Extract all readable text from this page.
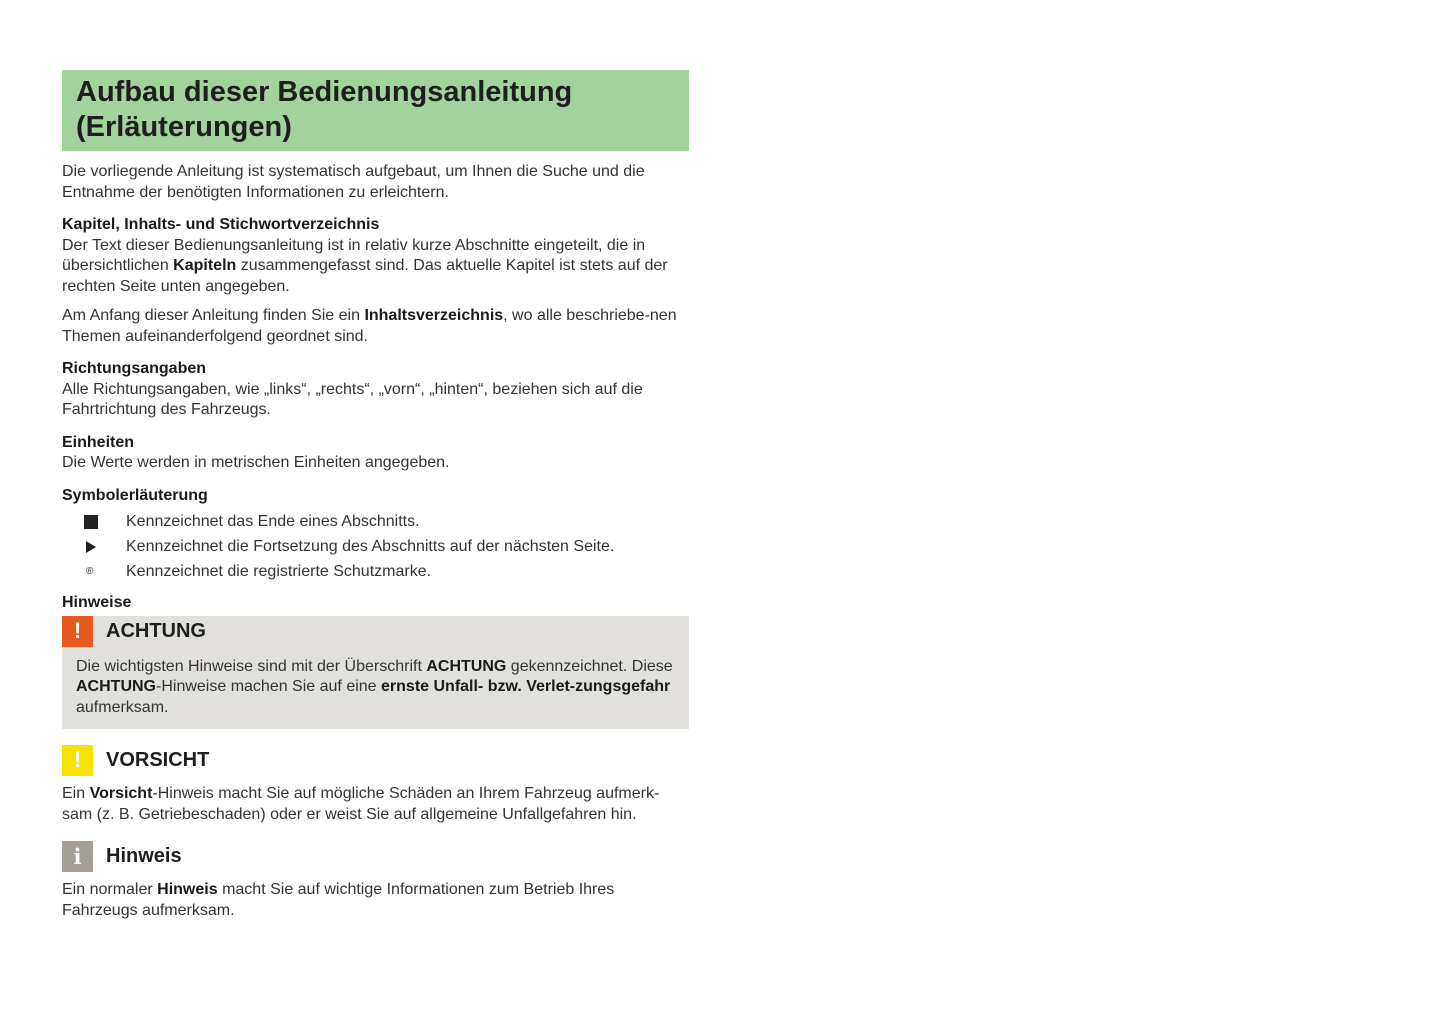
Aufbau dieser Bedienungsanleitung (Erläuterungen)

Die vorliegende Anleitung ist systematisch aufgebaut, um Ihnen die Suche und die Entnahme der benötigten Informationen zu erleichtern.

Kapitel, Inhalts- und Stichwortverzeichnis

Der Text dieser Bedienungsanleitung ist in relativ kurze Abschnitte eingeteilt, die in übersichtlichen Kapiteln zusammengefasst sind. Das aktuelle Kapitel ist stets auf der rechten Seite unten angegeben.

Am Anfang dieser Anleitung finden Sie ein Inhaltsverzeichnis, wo alle beschriebe-nen Themen aufeinanderfolgend geordnet sind.

Richtungsangaben

Alle Richtungsangaben, wie „links“, „rechts“, „vorn“, „hinten“, beziehen sich auf die Fahrtrichtung des Fahrzeugs.

Einheiten

Die Werte werden in metrischen Einheiten angegeben.

Symbolerläuterung
Kennzeichnet das Ende eines Abschnitts.
Kennzeichnet die Fortsetzung des Abschnitts auf der nächsten Seite.
® Kennzeichnet die registrierte Schutzmarke.
Hinweise
!	ACHTUNG

Die wichtigsten Hinweise sind mit der Überschrift ACHTUNG gekennzeichnet. Diese ACHTUNG-Hinweise machen Sie auf eine ernste Unfall- bzw. Verlet-zungsgefahr aufmerksam.

!	VORSICHT

Ein Vorsicht-Hinweis macht Sie auf mögliche Schäden an Ihrem Fahrzeug aufmerk-sam (z. B. Getriebeschaden) oder er weist Sie auf allgemeine Unfallgefahren hin.

i	Hinweis

Ein normaler Hinweis macht Sie auf wichtige Informationen zum Betrieb Ihres Fahrzeugs aufmerksam.
